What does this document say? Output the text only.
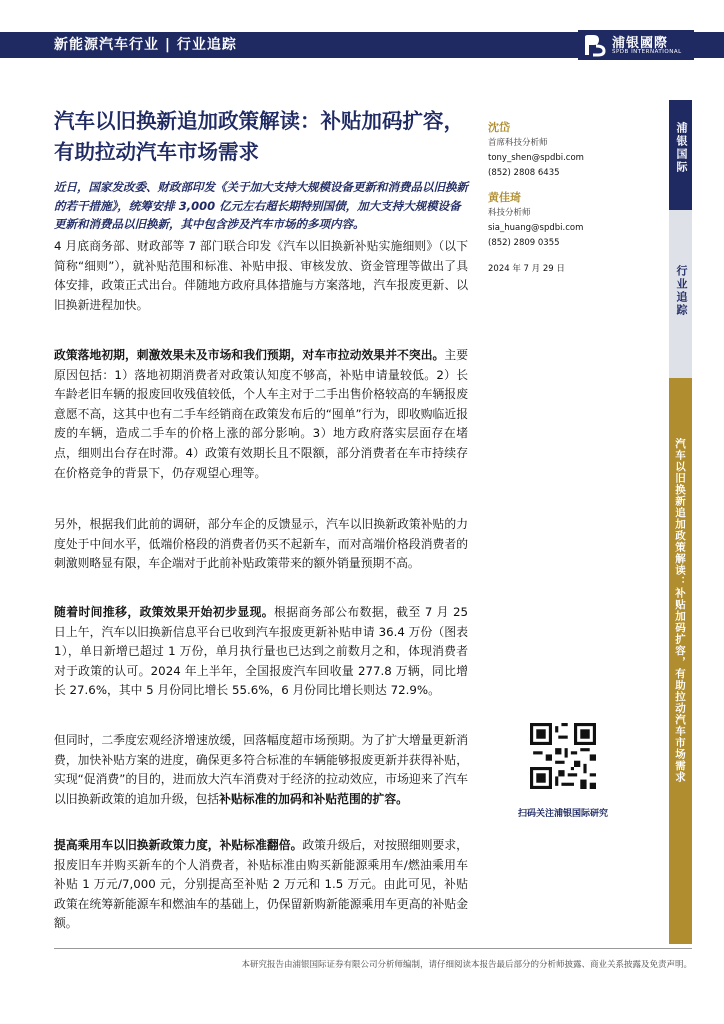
新能源汽车行业 | 行业追踪	浦银國際
SPDB INTERNATIONAL
汽车以旧换新追加政策解读：补贴加码扩容，有助拉动汽车市场需求
近日，国家发改委、财政部印发《关于加大支持大规模设备更新和消费品以旧换新的若干措施》，统筹安排 3,000 亿元左右超长期特别国债，加大支持大规模设备更新和消费品以旧换新，其中包含涉及汽车市场的多项内容。

4 月底商务部、财政部等 7 部门联合印发《汽车以旧换新补贴实施细则》（以下简称“细则”），就补贴范围和标准、补贴申报、审核发放、资金管理等做出了具体安排，政策正式出台。伴随地方政府具体措施与方案落地，汽车报废更新、以旧换新进程加快。

政策落地初期，刺激效果未及市场和我们预期，对车市拉动效果并不突出。主要原因包括：1）落地初期消费者对政策认知度不够高，补贴申请量较低。2）长车龄老旧车辆的报废回收残值较低，个人车主对于二手出售价格较高的车辆报废意愿不高，这其中也有二手车经销商在政策发布后的“囤单”行为，即收购临近报废的车辆，造成二手车的价格上涨的部分影响。3）地方政府落实层面存在堵点，细则出台存在时滞。4）政策有效期长且不限额，部分消费者在车市持续存在价格竞争的背景下，仍存观望心理等。

另外，根据我们此前的调研，部分车企的反馈显示，汽车以旧换新政策补贴的力度处于中间水平，低端价格段的消费者仍买不起新车，而对高端价格段消费者的刺激则略显有限，车企端对于此前补贴政策带来的额外销量预期不高。

随着时间推移，政策效果开始初步显现。根据商务部公布数据，截至 7 月 25 日上午，汽车以旧换新信息平台已收到汽车报废更新补贴申请 36.4 万份（图表 1），单日新增已超过 1 万份，单月执行量也已达到之前数月之和，体现消费者对于政策的认可。2024 年上半年，全国报废汽车回收量 277.8 万辆，同比增长 27.6%，其中 5 月份同比增长 55.6%，6 月份同比增长则达 72.9%。

但同时，二季度宏观经济增速放缓，回落幅度超市场预期。为了扩大增量更新消费，加快补贴方案的进度，确保更多符合标准的车辆能够报废更新并获得补贴，实现“促消费”的目的，进而放大汽车消费对于经济的拉动效应，市场迎来了汽车以旧换新政策的追加升级，包括补贴标准的加码和补贴范围的扩容。

提高乘用车以旧换新政策力度，补贴标准翻倍。政策升级后，对按照细则要求，报废旧车并购买新车的个人消费者，补贴标准由购买新能源乘用车/燃油乘用车补贴 1 万元/7,000 元，分别提高至补贴 2 万元和 1.5 万元。由此可见，补贴政策在统筹新能源车和燃油车的基础上，仍保留新购新能源乘用车更高的补贴金额。

沈岱
首席科技分析师
tony_shen@spdbi.com
(852) 2808 6435
黄佳琦
科技分析师
sia_huang@spdbi.com
(852) 2809 0355
2024 年 7 月 29 日
浦银国际
行业追踪
汽车以旧换新追加政策解读：补贴加码扩容，有助拉动汽车市场需求
扫码关注浦银国际研究
本研究报告由浦银国际证券有限公司分析师编制，请仔细阅读本报告最后部分的分析师披露、商业关系披露及免责声明。
